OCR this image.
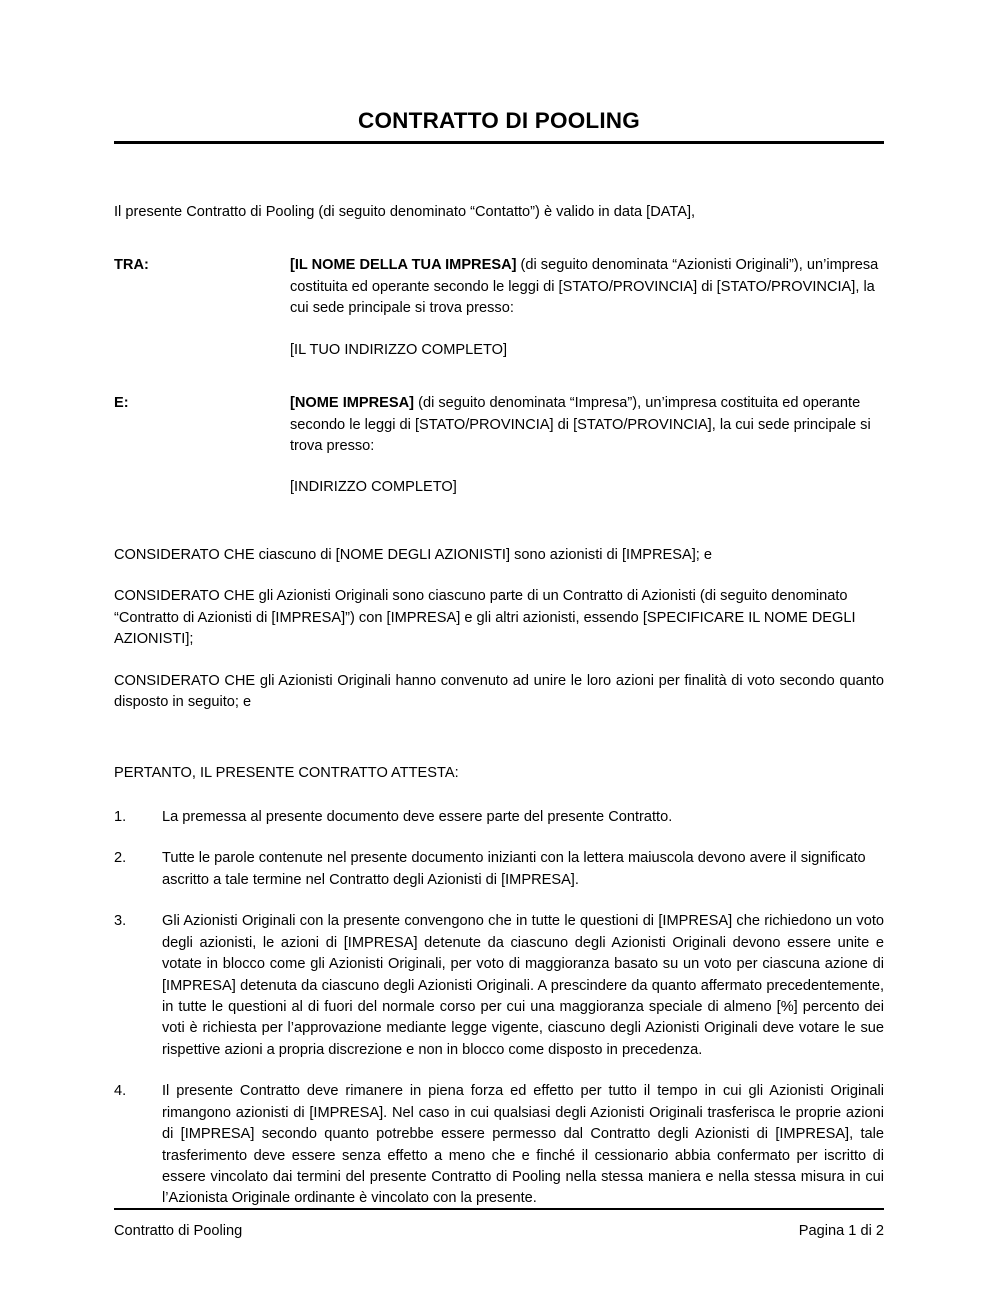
CONTRATTO DI POOLING

Il presente Contratto di Pooling (di seguito denominato “Contatto”) è valido in data [DATA],

TRA:	[IL NOME DELLA TUA IMPRESA] (di seguito denominata “Azionisti Originali”), un’impresa costituita ed operante secondo le leggi di [STATO/PROVINCIA] di [STATO/PROVINCIA], la cui sede principale si trova presso:
[IL TUO INDIRIZZO COMPLETO]
E:	[NOME IMPRESA] (di seguito denominata “Impresa”), un’impresa costituita ed operante secondo le leggi di [STATO/PROVINCIA] di [STATO/PROVINCIA], la cui sede principale si trova presso:
[INDIRIZZO COMPLETO]

CONSIDERATO CHE ciascuno di [NOME DEGLI AZIONISTI] sono azionisti di [IMPRESA]; e

CONSIDERATO CHE gli Azionisti Originali sono ciascuno parte di un Contratto di Azionisti (di seguito denominato “Contratto di Azionisti di [IMPRESA]”) con [IMPRESA] e gli altri azionisti, essendo [SPECIFICARE IL NOME DEGLI AZIONISTI];

CONSIDERATO CHE gli Azionisti Originali hanno convenuto ad unire le loro azioni per finalità di voto secondo quanto disposto in seguito; e

PERTANTO, IL PRESENTE CONTRATTO ATTESTA:

1.	La premessa al presente documento deve essere parte del presente Contratto.
2.	Tutte le parole contenute nel presente documento inizianti con la lettera maiuscola devono avere il significato ascritto a tale termine nel Contratto degli Azionisti di [IMPRESA].
3.	Gli Azionisti Originali con la presente convengono che in tutte le questioni di [IMPRESA] che richiedono un voto degli azionisti, le azioni di [IMPRESA] detenute da ciascuno degli Azionisti Originali devono essere unite e votate in blocco come gli Azionisti Originali, per voto di maggioranza basato su un voto per ciascuna azione di [IMPRESA] detenuta da ciascuno degli Azionisti Originali. A prescindere da quanto affermato precedentemente, in tutte le questioni al di fuori del normale corso per cui una maggioranza speciale di almeno [%] percento dei voti è richiesta per l’approvazione mediante legge vigente, ciascuno degli Azionisti Originali deve votare le sue rispettive azioni a propria discrezione e non in blocco come disposto in precedenza.
4.	Il presente Contratto deve rimanere in piena forza ed effetto per tutto il tempo in cui gli Azionisti Originali rimangono azionisti di [IMPRESA]. Nel caso in cui qualsiasi degli Azionisti Originali trasferisca le proprie azioni di [IMPRESA] secondo quanto potrebbe essere permesso dal Contratto degli Azionisti di [IMPRESA], tale trasferimento deve essere senza effetto a meno che e finché il cessionario abbia confermato per iscritto di essere vincolato dai termini del presente Contratto di Pooling nella stessa maniera e nella stessa misura in cui l’Azionista Originale ordinante è vincolato con la presente.
Contratto di Pooling	Pagina 1 di 2
